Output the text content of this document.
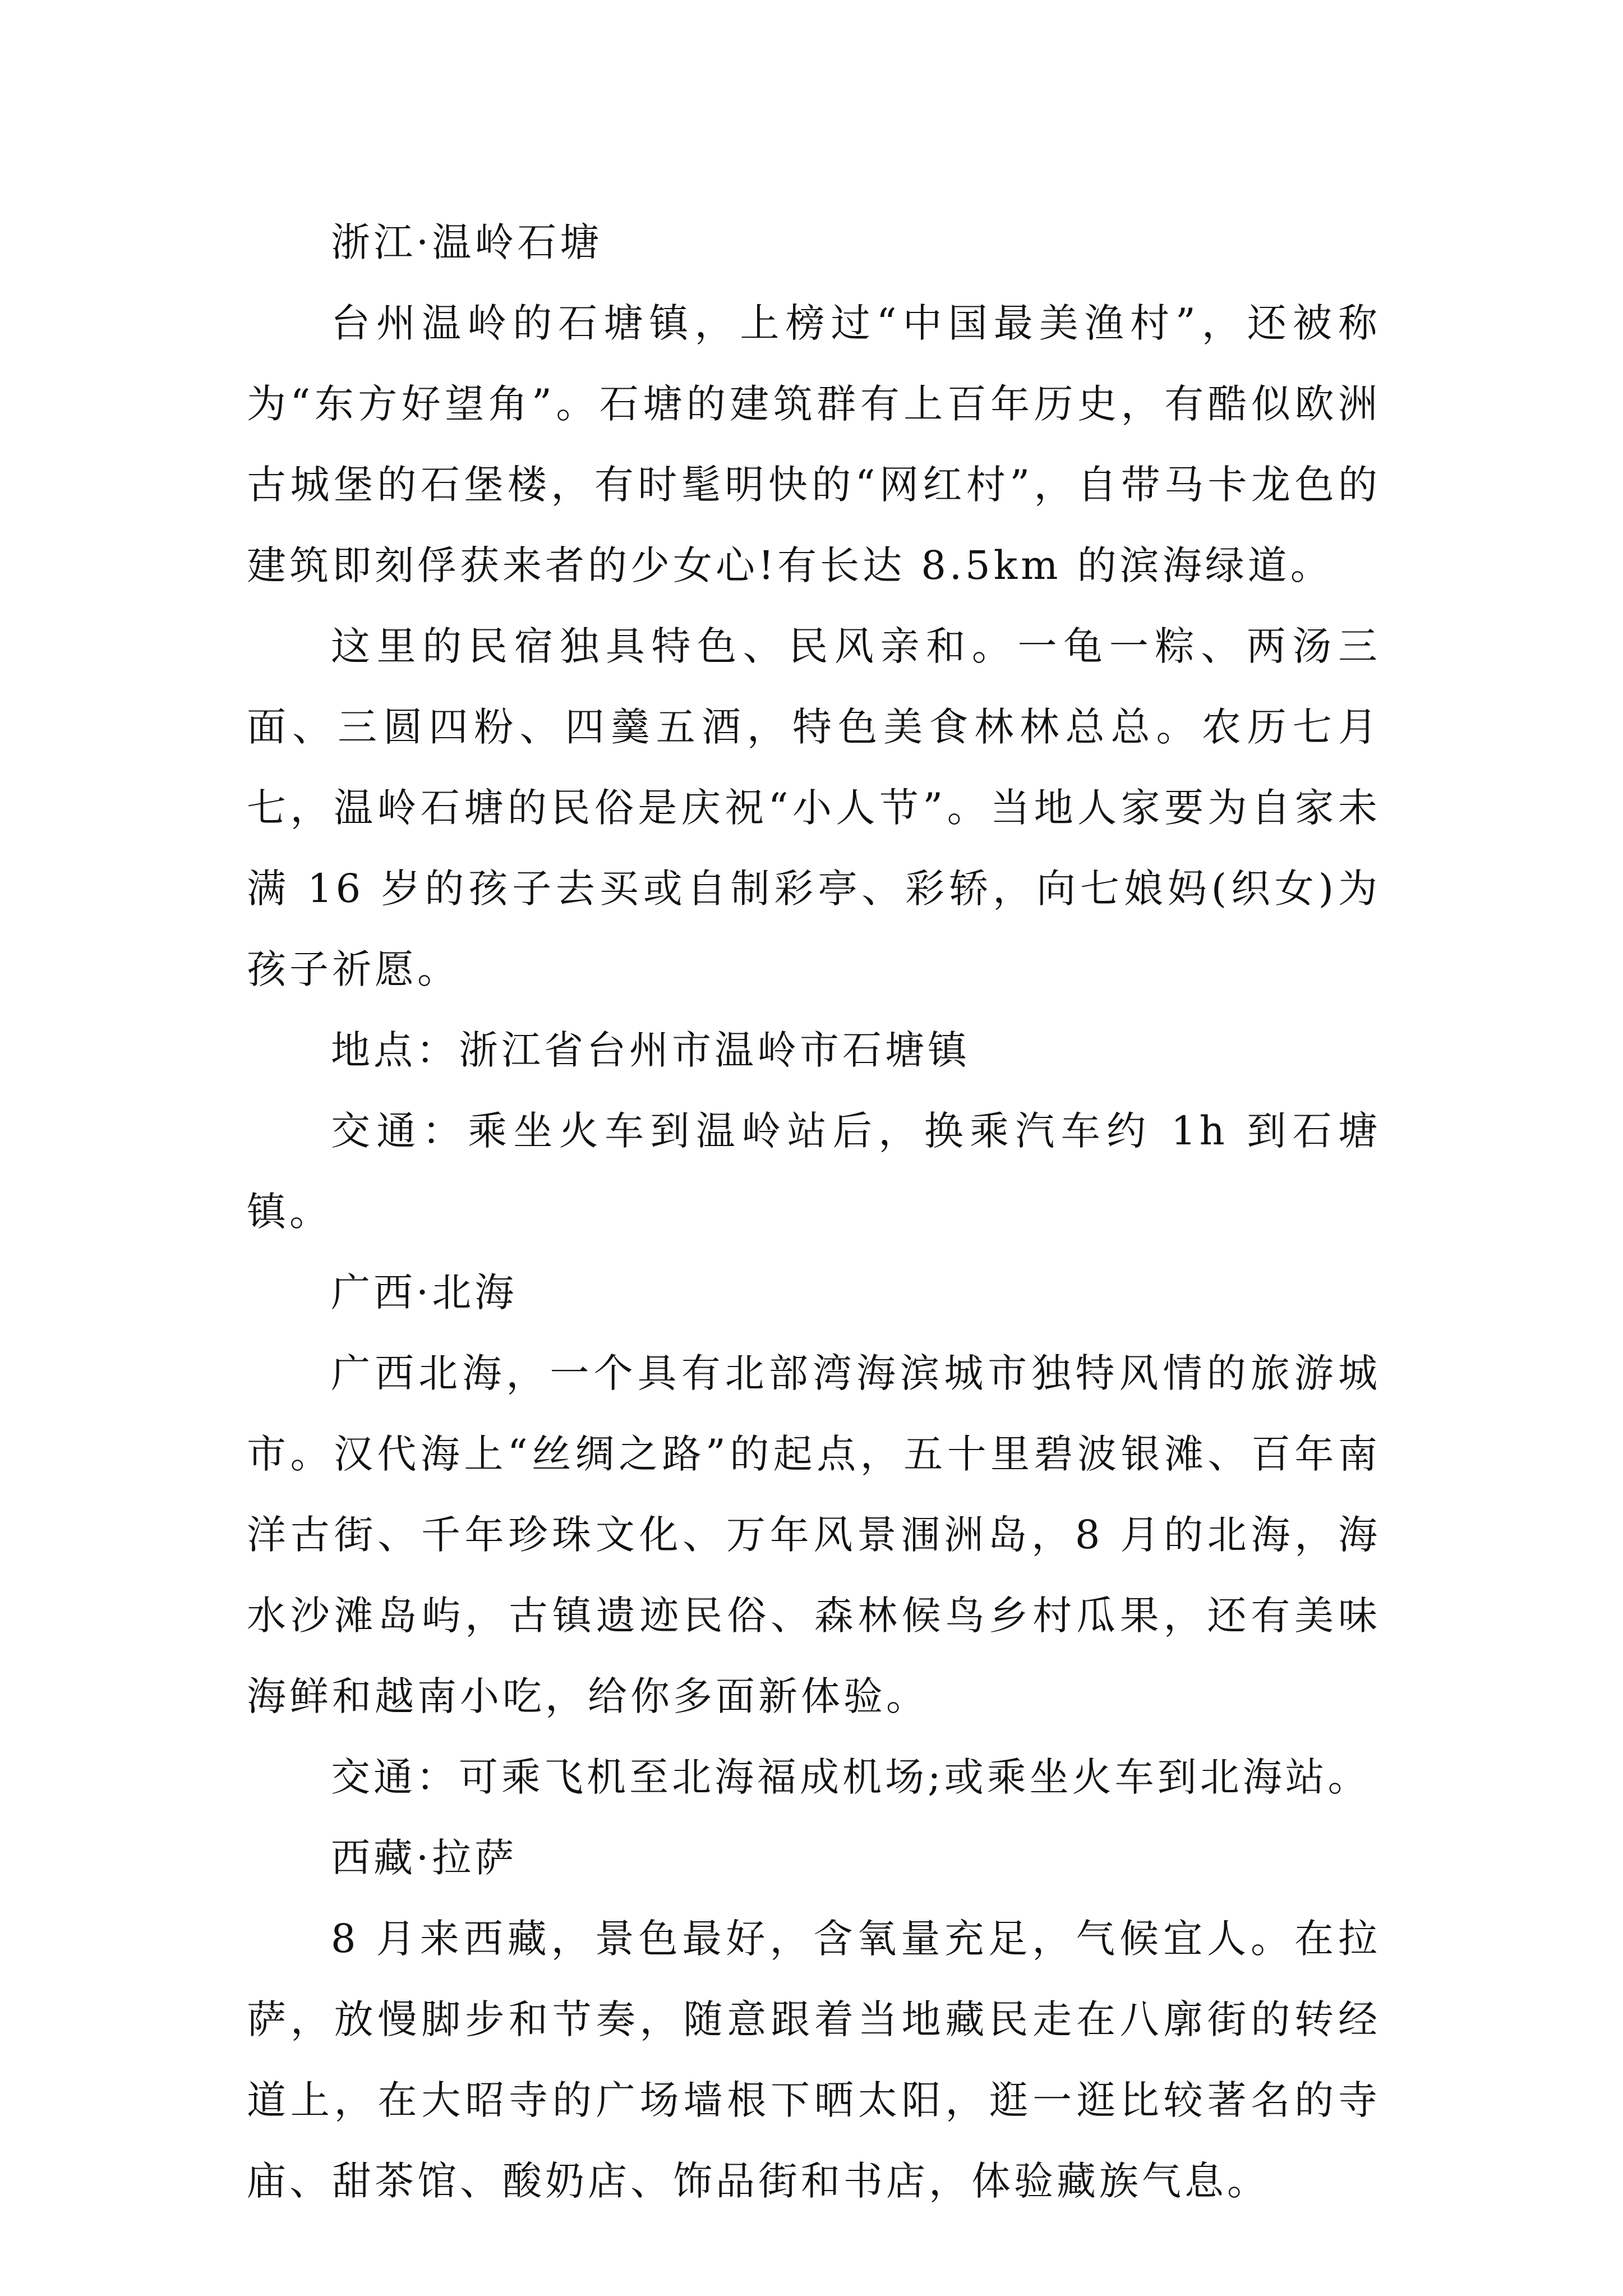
浙江·温岭石塘

台州温岭的石塘镇，上榜过“中国最美渔村”，还被称为“东方好望角”。石塘的建筑群有上百年历史，有酷似欧洲古城堡的石堡楼，有时髦明快的“网红村”，自带马卡龙色的建筑即刻俘获来者的少女心!有长达 8.5km 的滨海绿道。

这里的民宿独具特色、民风亲和。一龟一粽、两汤三面、三圆四粉、四羹五酒，特色美食林林总总。农历七月七，温岭石塘的民俗是庆祝“小人节”。当地人家要为自家未满 16 岁的孩子去买或自制彩亭、彩轿，向七娘妈(织女)为孩子祈愿。

地点：浙江省台州市温岭市石塘镇

交通：乘坐火车到温岭站后，换乘汽车约 1h 到石塘镇。

广西·北海

广西北海，一个具有北部湾海滨城市独特风情的旅游城市。汉代海上“丝绸之路”的起点，五十里碧波银滩、百年南洋古街、千年珍珠文化、万年风景涠洲岛，8 月的北海，海水沙滩岛屿，古镇遗迹民俗、森林候鸟乡村瓜果，还有美味海鲜和越南小吃，给你多面新体验。

交通：可乘飞机至北海福成机场;或乘坐火车到北海站。

西藏·拉萨

8 月来西藏，景色最好，含氧量充足，气候宜人。在拉萨，放慢脚步和节奏，随意跟着当地藏民走在八廓街的转经道上，在大昭寺的广场墙根下晒太阳，逛一逛比较著名的寺庙、甜茶馆、酸奶店、饰品街和书店，体验藏族气息。
